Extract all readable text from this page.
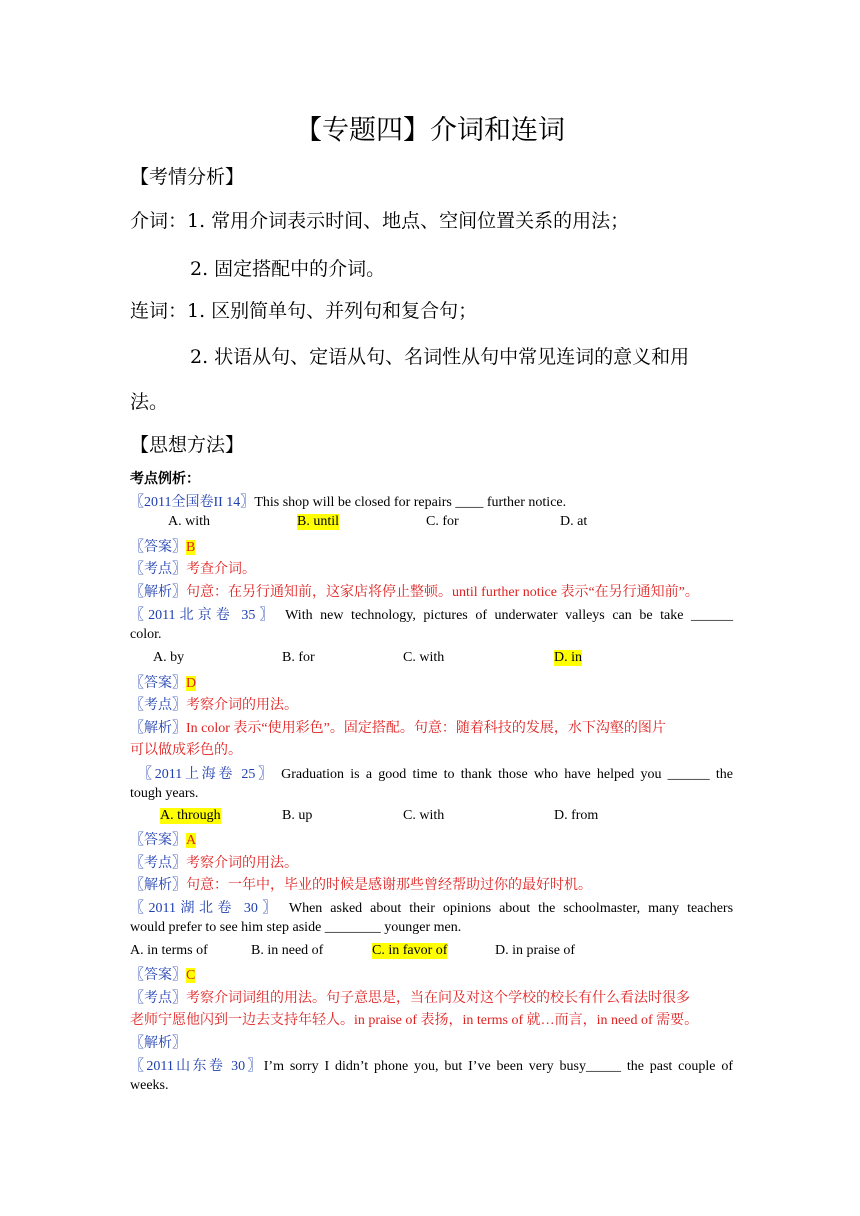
【专题四】介词和连词
【考情分析】
介词：1. 常用介词表示时间、地点、空间位置关系的用法；
2. 固定搭配中的介词。
连词：1. 区别简单句、并列句和复合句；
2. 状语从句、定语从句、名词性从句中常见连词的意义和用
法。
【思想方法】
考点例析：
〖2011全国卷II 14〗This shop will be closed for repairs ____ further notice.
A. with	B. until	C. for	D. at
〖答案〗B
〖考点〗考查介词。
〖解析〗句意：在另行通知前，这家店将停止整顿。until further notice 表示“在另行通知前”。
〖2011北京卷 35〗 With new technology, pictures of underwater valleys can be take ______
color.
A. by	B. for	C. with	D. in
〖答案〗D
〖考点〗考察介词的用法。
〖解析〗In color 表示“使用彩色”。固定搭配。句意：随着科技的发展，水下沟壑的图片
可以做成彩色的。
〖2011上海卷 25〗 Graduation is a good time to thank those who have helped you ______ the
tough years.
A. through	B. up	C. with	D. from
〖答案〗A
〖考点〗考察介词的用法。
〖解析〗句意：一年中，毕业的时候是感谢那些曾经帮助过你的最好时机。
〖2011湖北卷 30〗 When asked about their opinions about the schoolmaster, many teachers
would prefer to see him step aside ________ younger men.
A. in terms of	B. in need of	C. in favor of	D. in praise of
〖答案〗C
〖考点〗考察介词词组的用法。句子意思是，当在问及对这个学校的校长有什么看法时很多
老师宁愿他闪到一边去支持年轻人。in praise of 表扬，in terms of 就…而言，in need of 需要。
〖解析〗
〖2011山东卷 30〗I’m sorry I didn’t phone you, but I’ve been very busy_____ the past couple of
weeks.
